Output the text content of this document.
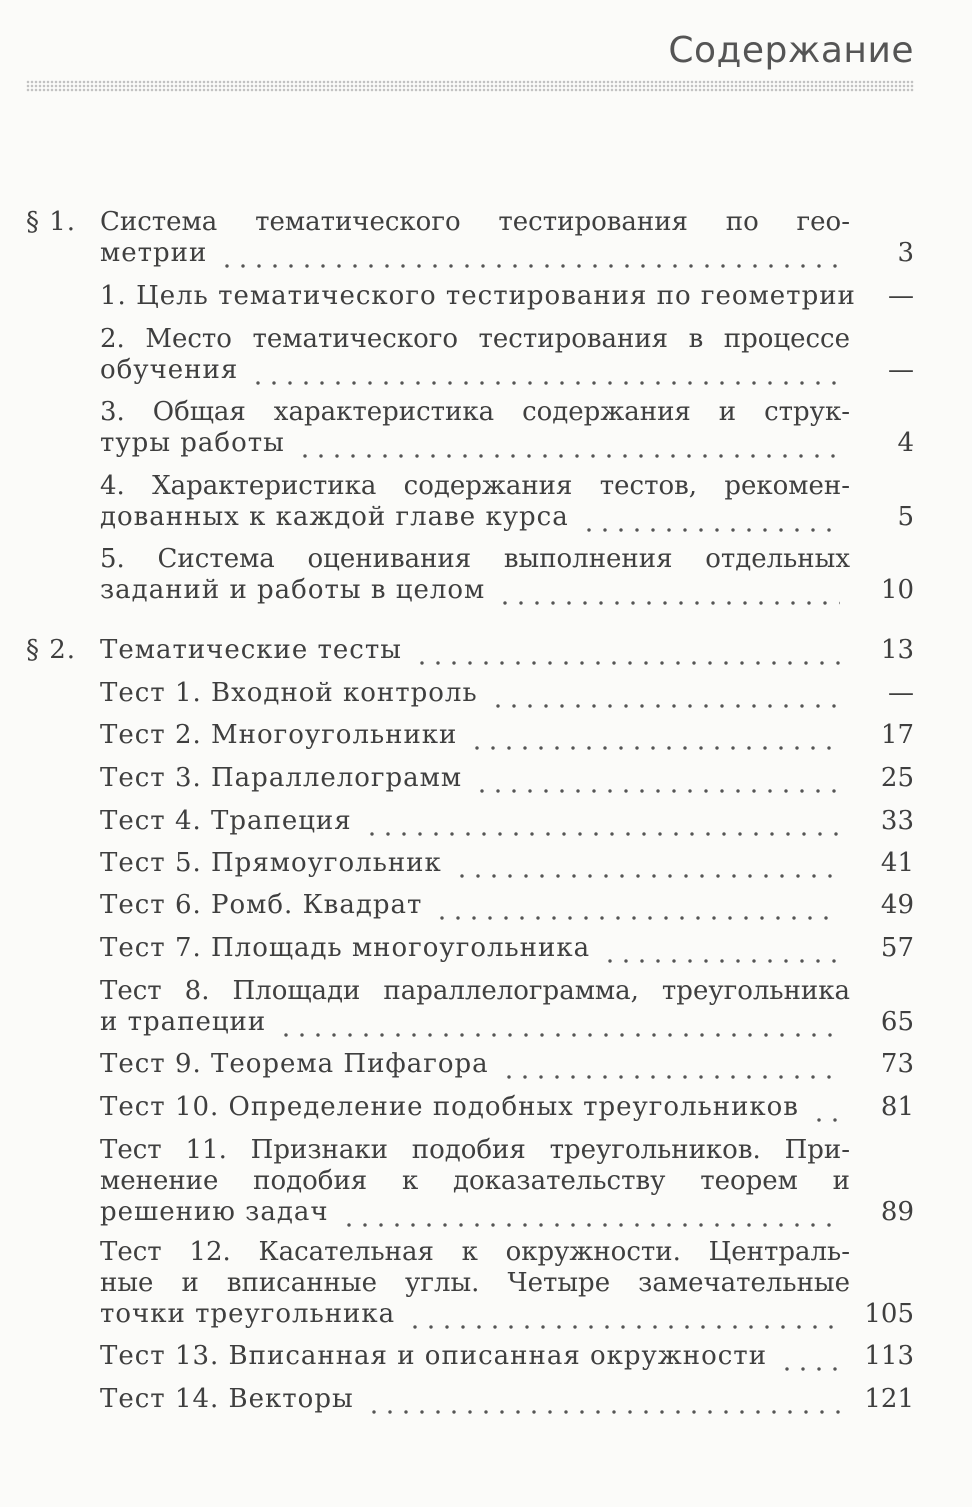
Содержание
§ 1. Система тематического тестирования по гео-
метрии	3
1. Цель тематического тестирования по геометрии	—
2. Место тематического тестирования в процессе
обучения	—
3. Общая характеристика содержания и струк-
туры работы	4
4. Характеристика содержания тестов, рекомен-
дованных к каждой главе курса	5
5. Система оценивания выполнения отдельных
заданий и работы в целом	10
§ 2. Тематические тесты	13
Тест 1. Входной контроль	—
Тест 2. Многоугольники	17
Тест 3. Параллелограмм	25
Тест 4. Трапеция	33
Тест 5. Прямоугольник	41
Тест 6. Ромб. Квадрат	49
Тест 7. Площадь многоугольника	57
Тест 8. Площади параллелограмма, треугольника
и трапеции	65
Тест 9. Теорема Пифагора	73
Тест 10. Определение подобных треугольников	81
Тест 11. Признаки подобия треугольников. При-
менение подобия к доказательству теорем и
решению задач	89
Тест 12. Касательная к окружности. Централь-
ные и вписанные углы. Четыре замечательные
точки треугольника	105
Тест 13. Вписанная и описанная окружности	113
Тест 14. Векторы	121
